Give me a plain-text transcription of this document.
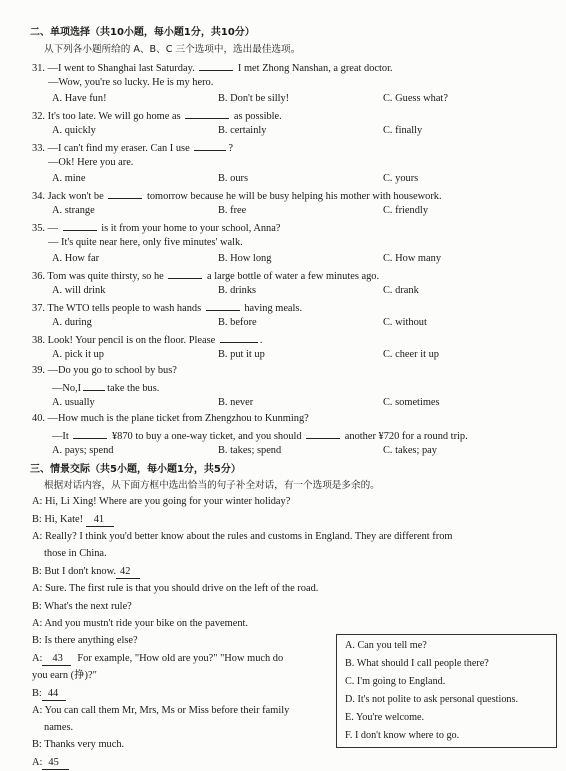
二、单项选择（共10小题，每小题1分，共10分）
从下列各小题所给的 A、B、C 三个选项中，选出最佳选项。
31. —I went to Shanghai last Saturday.	I met Zhong Nanshan, a great doctor.
—Wow, you're so lucky. He is my hero.
A. Have fun!	B. Don't be silly!	C. Guess what?
32. It's too late. We will go home as	as possible.
A. quickly	B. certainly	C. finally
33. —I can't find my eraser. Can I use	?
—Ok! Here you are.
A. mine	B. ours	C. yours
34. Jack won't be	tomorrow because he will be busy helping his mother with housework.
A. strange	B. free	C. friendly
35. —	is it from your home to your school, Anna?
— It's quite near here, only five minutes' walk.
A. How far	B. How long	C. How many
36. Tom was quite thirsty, so he	a large bottle of water a few minutes ago.
A. will drink	B. drinks	C. drank
37. The WTO tells people to wash hands	having meals.
A. during	B. before	C. without
38. Look! Your pencil is on the floor. Please	.
A. pick it up	B. put it up	C. cheer it up
39. —Do you go to school by bus?
—No,I	take the bus.
A. usually	B. never	C. sometimes
40. —How much is the plane ticket from Zhengzhou to Kunming?
—It	¥870 to buy a one-way ticket, and you should	another ¥720 for a round trip.
A. pays; spend	B. takes; spend	C. takes; pay
三、情景交际（共5小题，每小题1分，共5分）
根据对话内容，从下面方框中选出恰当的句子补全对话，有一个选项是多余的。
A: Hi, Li Xing! Where are you going for your winter holiday?
B: Hi, Kate! 41
A: Really? I think you'd better know about the rules and customs in England. They are different from
those in China.
B: But I don't know. 42
A: Sure. The first rule is that you should drive on the left of the road.
B: What's the next rule?
A: And you mustn't ride your bike on the pavement.
B: Is there anything else?
A: 43 For example, "How old are you?" "How much do
you earn (挣)?"
B: 44
A: You can call them Mr, Mrs, Ms or Miss before their family
names.
B: Thanks very much.
A: 45
A. Can you tell me?
B. What should I call people there?
C. I'm going to England.
D. It's not polite to ask personal questions.
E. You're welcome.
F. I don't know where to go.
